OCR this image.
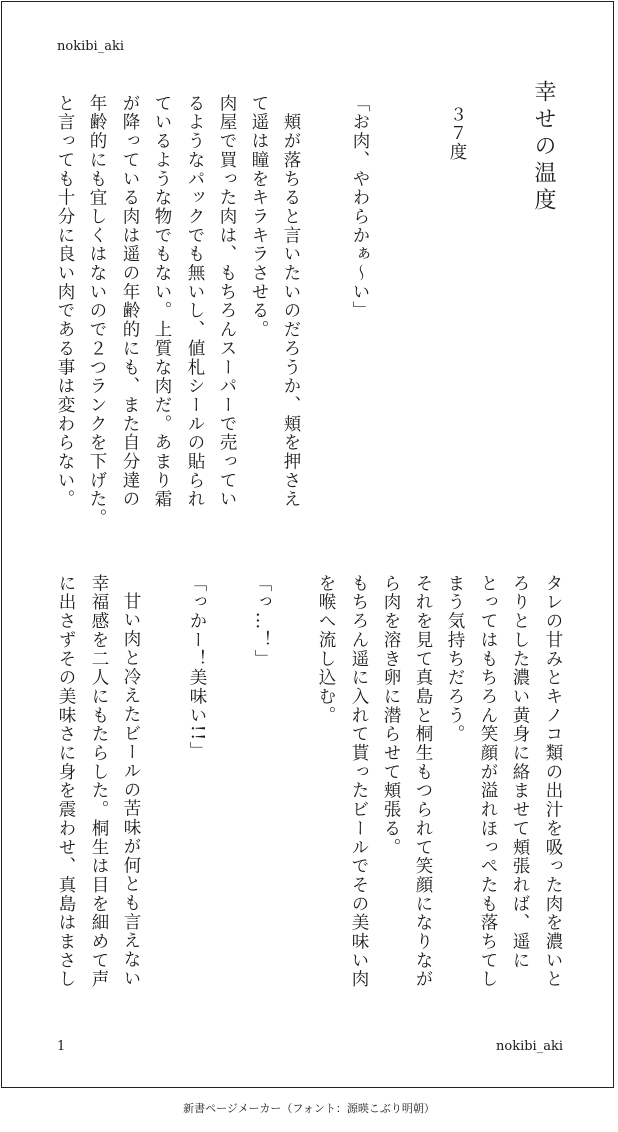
nokibi_aki
幸せの温度
３７度
「お肉、やわらかぁ〜い」
　頬が落ちると言いたいのだろうか、頬を押さえ
て遥は瞳をキラキラさせる。
肉屋で買った肉は、もちろんスーパーで売ってい
るようなパックでも無いし、値札シールの貼られ
ているような物でもない。上質な肉だ。あまり霜
が降っている肉は遥の年齢的にも、また自分達の
年齢的にも宜しくはないので２つランクを下げた。
と言っても十分に良い肉である事は変わらない。
タレの甘みとキノコ類の出汁を吸った肉を濃いと
ろりとした濃い黄身に絡ませて頬張れば、遥に
とってはもちろん笑顔が溢れほっぺたも落ちてし
まう気持ちだろう。
それを見て真島と桐生もつられて笑顔になりなが
ら肉を溶き卵に潜らせて頬張る。
もちろん遥に入れて貰ったビールでその美味い肉
を喉へ流し込む。
「っ…！」
「っかー！美味い!!」
甘い肉と冷えたビールの苦味が何とも言えない
幸福感を二人にもたらした。桐生は目を細めて声
に出さずその美味さに身を震わせ、真島はまさし
1	nokibi_aki
新書ページメーカー（フォント：源暎こぶり明朝）
